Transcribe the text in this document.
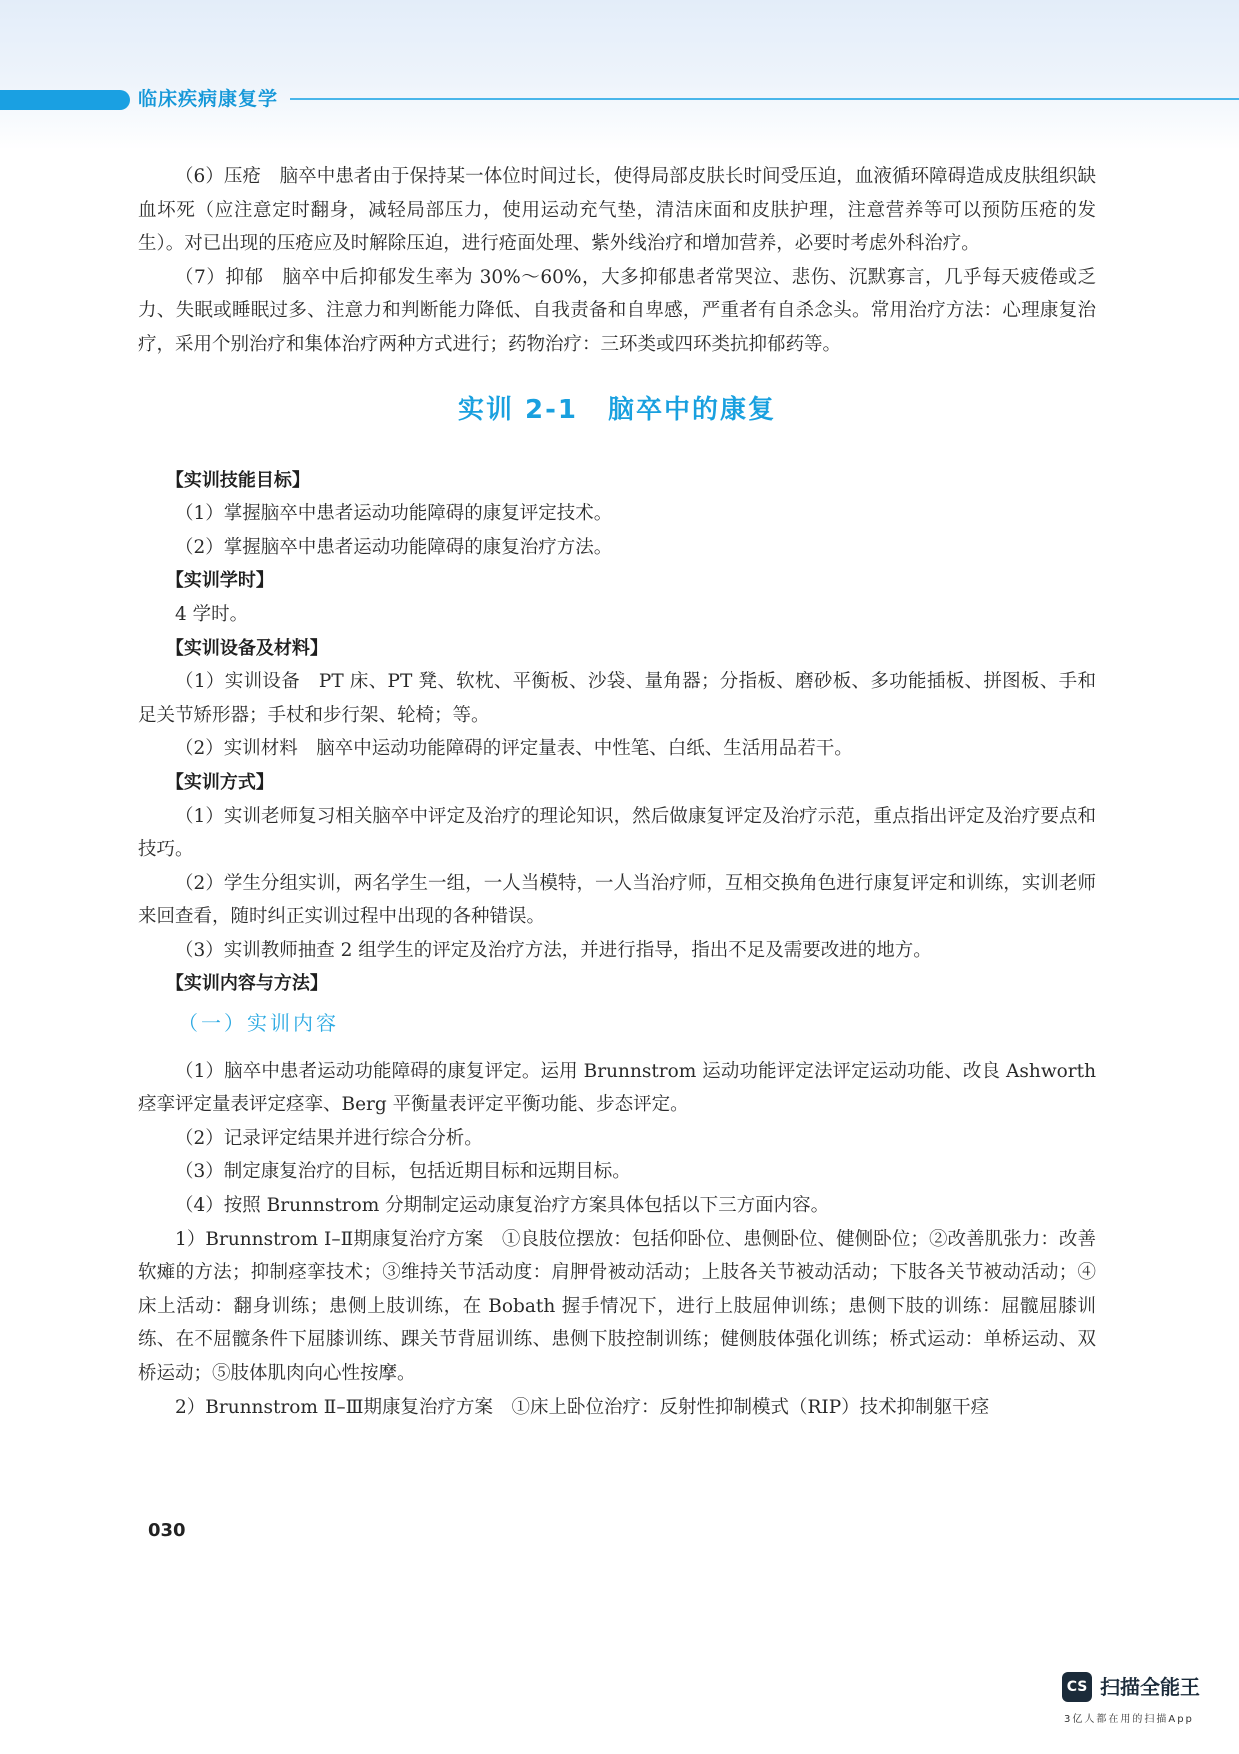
临床疾病康复学

（6）压疮　脑卒中患者由于保持某一体位时间过长，使得局部皮肤长时间受压迫，血液循环障碍造成皮肤组织缺血坏死（应注意定时翻身，减轻局部压力，使用运动充气垫，清洁床面和皮肤护理，注意营养等可以预防压疮的发生）。对已出现的压疮应及时解除压迫，进行疮面处理、紫外线治疗和增加营养，必要时考虑外科治疗。

（7）抑郁　脑卒中后抑郁发生率为 30%～60%，大多抑郁患者常哭泣、悲伤、沉默寡言，几乎每天疲倦或乏力、失眠或睡眠过多、注意力和判断能力降低、自我责备和自卑感，严重者有自杀念头。常用治疗方法：心理康复治疗，采用个别治疗和集体治疗两种方式进行；药物治疗：三环类或四环类抗抑郁药等。

实训 2-1 脑卒中的康复

【实训技能目标】

（1）掌握脑卒中患者运动功能障碍的康复评定技术。

（2）掌握脑卒中患者运动功能障碍的康复治疗方法。

【实训学时】

4 学时。

【实训设备及材料】

（1）实训设备　PT 床、PT 凳、软枕、平衡板、沙袋、量角器；分指板、磨砂板、多功能插板、拼图板、手和足关节矫形器；手杖和步行架、轮椅；等。

（2）实训材料　脑卒中运动功能障碍的评定量表、中性笔、白纸、生活用品若干。

【实训方式】

（1）实训老师复习相关脑卒中评定及治疗的理论知识，然后做康复评定及治疗示范，重点指出评定及治疗要点和技巧。

（2）学生分组实训，两名学生一组，一人当模特，一人当治疗师，互相交换角色进行康复评定和训练，实训老师来回查看，随时纠正实训过程中出现的各种错误。

（3）实训教师抽查 2 组学生的评定及治疗方法，并进行指导，指出不足及需要改进的地方。

【实训内容与方法】

（一）实训内容

（1）脑卒中患者运动功能障碍的康复评定。运用 Brunnstrom 运动功能评定法评定运动功能、改良 Ashworth 痉挛评定量表评定痉挛、Berg 平衡量表评定平衡功能、步态评定。

（2）记录评定结果并进行综合分析。

（3）制定康复治疗的目标，包括近期目标和远期目标。

（4）按照 Brunnstrom 分期制定运动康复治疗方案具体包括以下三方面内容。

1）Brunnstrom Ⅰ–Ⅱ期康复治疗方案　①良肢位摆放：包括仰卧位、患侧卧位、健侧卧位；②改善肌张力：改善软瘫的方法；抑制痉挛技术；③维持关节活动度：肩胛骨被动活动；上肢各关节被动活动；下肢各关节被动活动；④床上活动：翻身训练；患侧上肢训练，在 Bobath 握手情况下，进行上肢屈伸训练；患侧下肢的训练：屈髋屈膝训练、在不屈髋条件下屈膝训练、踝关节背屈训练、患侧下肢控制训练；健侧肢体强化训练；桥式运动：单桥运动、双桥运动；⑤肢体肌肉向心性按摩。

2）Brunnstrom Ⅱ–Ⅲ期康复治疗方案　①床上卧位治疗：反射性抑制模式（RIP）技术抑制躯干痉

030
CS 扫描全能王
3亿人都在用的扫描App
